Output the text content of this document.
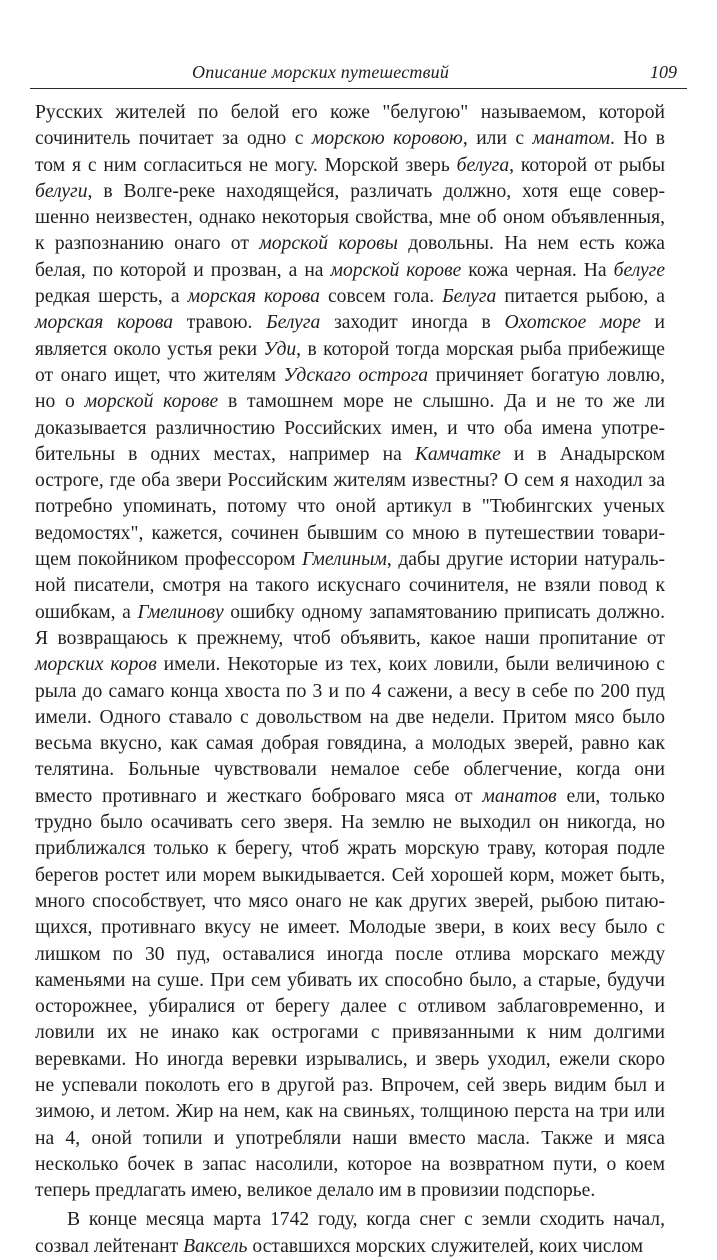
Описание морских путешествий	109
Русских жителей по белой его коже "белугою" называемом, которой
сочинитель почитает за одно с морскою коровою, или с манатом. Но в
том я с ним согласиться не могу. Морской зверь белуга, которой от рыбы
белуги, в Волге-реке находящейся, различать должно, хотя еще совер-
шенно неизвестен, однако некоторыя свойства, мне об оном объявленныя,
к разпознанию онаго от морской коровы довольны. На нем есть кожа
белая, по которой и прозван, а на морской корове кожа черная. На белуге
редкая шерсть, а морская корова совсем гола. Белуга питается рыбою, а
морская корова травою. Белуга заходит иногда в Охотское море и
является около устья реки Уди, в которой тогда морская рыба прибежище
от онаго ищет, что жителям Удскаго острога причиняет богатую ловлю,
но о морской корове в тамошнем море не слышно. Да и не то же ли
доказывается различностию Российских имен, и что оба имена употре-
бительны в одних местах, например на Камчатке и в Анадырском
остроге, где оба звери Российским жителям известны? О сем я находил за
потребно упоминать, потому что оной артикул в "Тюбингских ученых
ведомостях", кажется, сочинен бывшим со мною в путешествии товари-
щем покойником профессором Гмелиным, дабы другие истории натураль-
ной писатели, смотря на такого искуснаго сочинителя, не взяли повод к
ошибкам, а Гмелинову ошибку одному запамятованию приписать должно.
Я возвращаюсь к прежнему, чтоб объявить, какое наши пропитание от
морских коров имели. Некоторые из тех, коих ловили, были величиною с
рыла до самаго конца хвоста по 3 и по 4 сажени, а весу в себе по 200 пуд
имели. Одного ставало с довольством на две недели. Притом мясо было
весьма вкусно, как самая добрая говядина, а молодых зверей, равно как
телятина. Больные чувствовали немалое себе облегчение, когда они
вместо противнаго и жесткаго боброваго мяса от манатов ели, только
трудно было осачивать сего зверя. На землю не выходил он никогда, но
приближался только к берегу, чтоб жрать морскую траву, которая подле
берегов ростет или морем выкидывается. Сей хорошей корм, может быть,
много способствует, что мясо онаго не как других зверей, рыбою питаю-
щихся, противнаго вкусу не имеет. Молодые звери, в коих весу было с
лишком по 30 пуд, оставалися иногда после отлива морскаго между
каменьями на суше. При сем убивать их способно было, а старые, будучи
осторожнее, убиралися от берегу далее с отливом заблаговременно, и
ловили их не инако как острогами с привязанными к ним долгими
веревками. Но иногда веревки изрывались, и зверь уходил, ежели скоро
не успевали поколоть его в другой раз. Впрочем, сей зверь видим был и
зимою, и летом. Жир на нем, как на свиньях, толщиною перста на три или
на 4, оной топили и употребляли наши вместо масла. Также и мяса
несколько бочек в запас насолили, которое на возвратном пути, о коем
теперь предлагать имею, великое делало им в провизии подспорье.
В конце месяца марта 1742 году, когда снег с земли сходить начал,
созвал лейтенант Ваксель оставшихся морских служителей, коих числом
